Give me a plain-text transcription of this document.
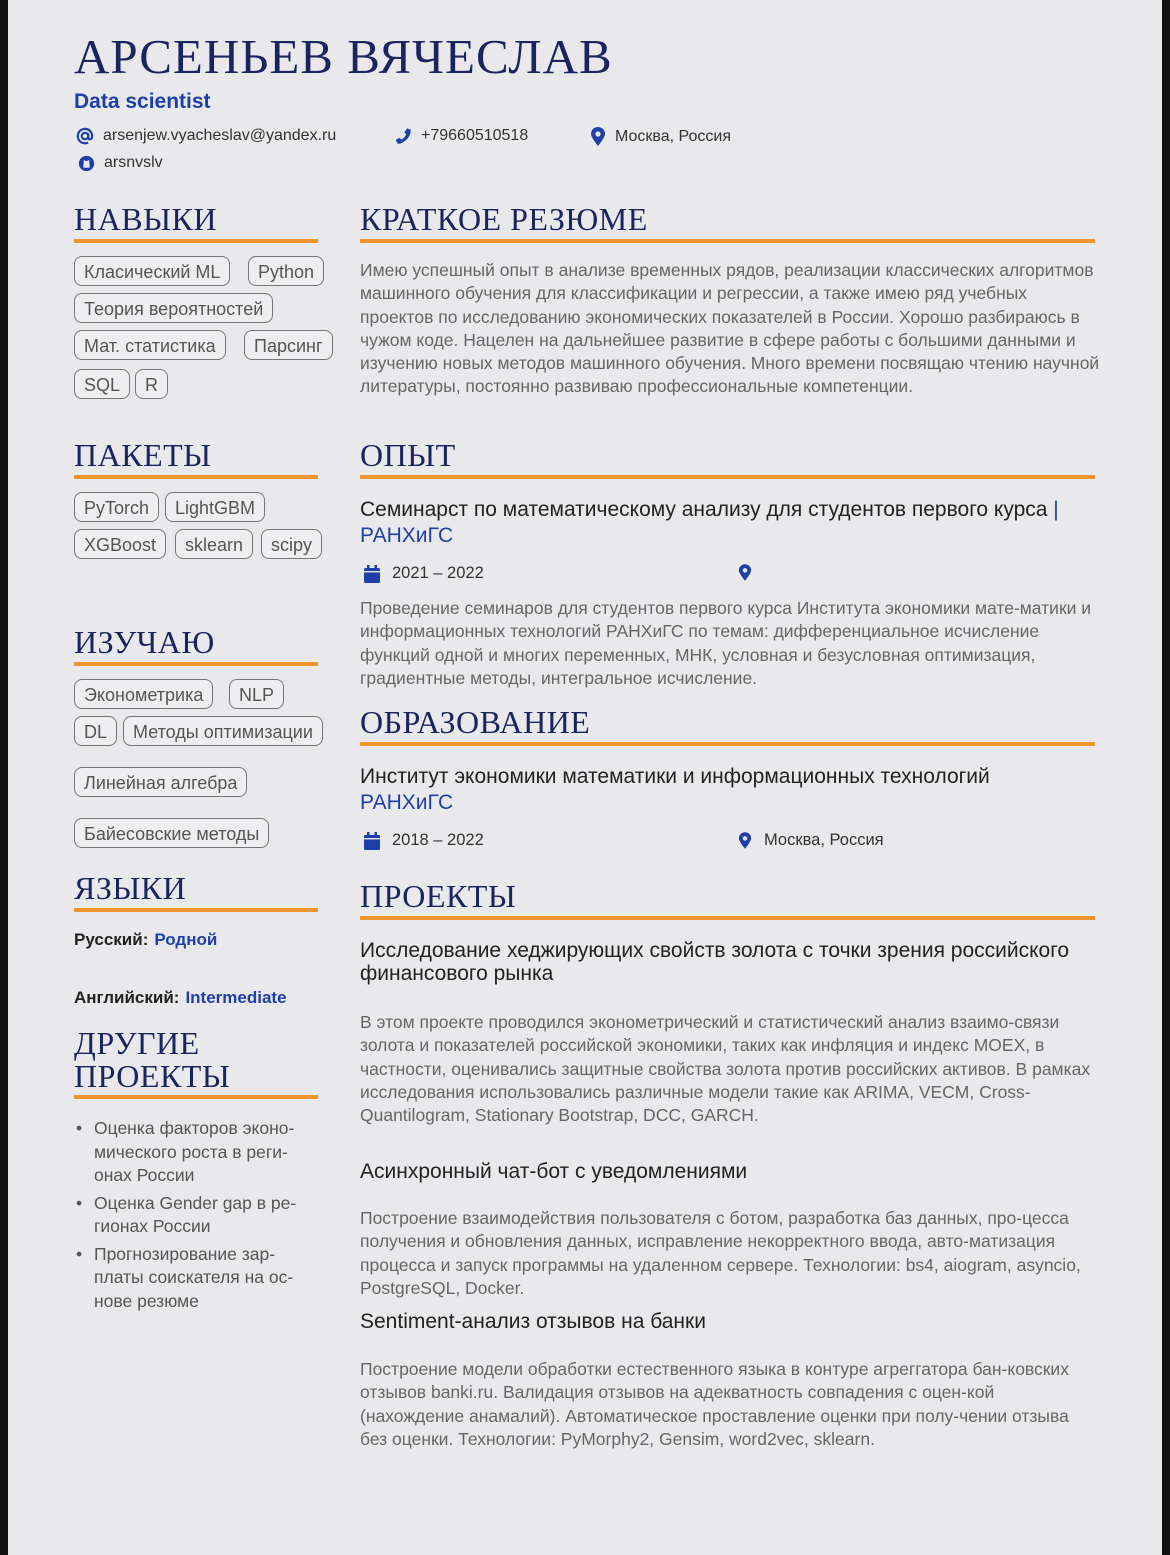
АРСЕНЬЕВ ВЯЧЕСЛАВ
Data scientist
arsenjew.vyacheslav@yandex.ru	+79660510518	Москва, Россия
arsnvslv
НАВЫКИ
Класический ML	Python
Теория вероятностей
Мат. статистика	Парсинг
SQL	R
ПАКЕТЫ
PyTorch	LightGBM
XGBoost	sklearn	scipy
ИЗУЧАЮ
Эконометрика	NLP
DL	Методы оптимизации
Линейная алгебра
Байесовские методы
ЯЗЫКИ
Русский: Родной
Английский: Intermediate
ДРУГИЕ
ПРОЕКТЫ
• Оценка факторов эконо-мического роста в реги-онах России
• Оценка Gender gap в ре-гионах России
• Прогнозирование зар-платы соискателя на ос-нове резюме
КРАТКОЕ РЕЗЮМЕ
Имею успешный опыт в анализе временных рядов, реализации классических алгоритмов машинного обучения для классификации и регрессии, а также имею ряд учебных проектов по исследованию экономических показателей в России. Хорошо разбираюсь в чужом коде. Нацелен на дальнейшее развитие в сфере работы с большими данными и изучению новых методов машинного обучения. Много времени посвящаю чтению научной литературы, постоянно развиваю профессиональные компетенции.
ОПЫТ
Семинарст по математическому анализу для студентов первого курса | РАНХиГС
2021 – 2022
Проведение семинаров для студентов первого курса Института экономики мате-матики и информационных технологий РАНХиГС по темам: дифференциальное исчисление функций одной и многих переменных, МНК, условная и безусловная оптимизация, градиентные методы, интегральное исчисление.
ОБРАЗОВАНИЕ
Институт экономики математики и информационных технологий
РАНХиГС
2018 – 2022	Москва, Россия
ПРОЕКТЫ
Исследование хеджирующих свойств золота с точки зрения российского финансового рынка
В этом проекте проводился эконометрический и статистический анализ взаимо-связи золота и показателей российской экономики, таких как инфляция и индекс MOEX, в частности, оценивались защитные свойства золота против российских активов. В рамках исследования использовались различные модели такие как ARIMA, VECM, Cross-Quantilogram, Stationary Bootstrap, DCC, GARCH.
Асинхронный чат-бот с уведомлениями
Построение взаимодействия пользователя с ботом, разработка баз данных, про-цесса получения и обновления данных, исправление некорректного ввода, авто-матизация процесса и запуск программы на удаленном сервере. Технологии: bs4, aiogram, asyncio, PostgreSQL, Docker.
Sentiment-анализ отзывов на банки
Построение модели обработки естественного языка в контуре агреггатора бан-ковских отзывов banki.ru. Валидация отзывов на адекватность совпадения с оцен-кой (нахождение анамалий). Автоматическое проставление оценки при полу-чении отзыва без оценки. Технологии: PyMorphy2, Gensim, word2vec, sklearn.
